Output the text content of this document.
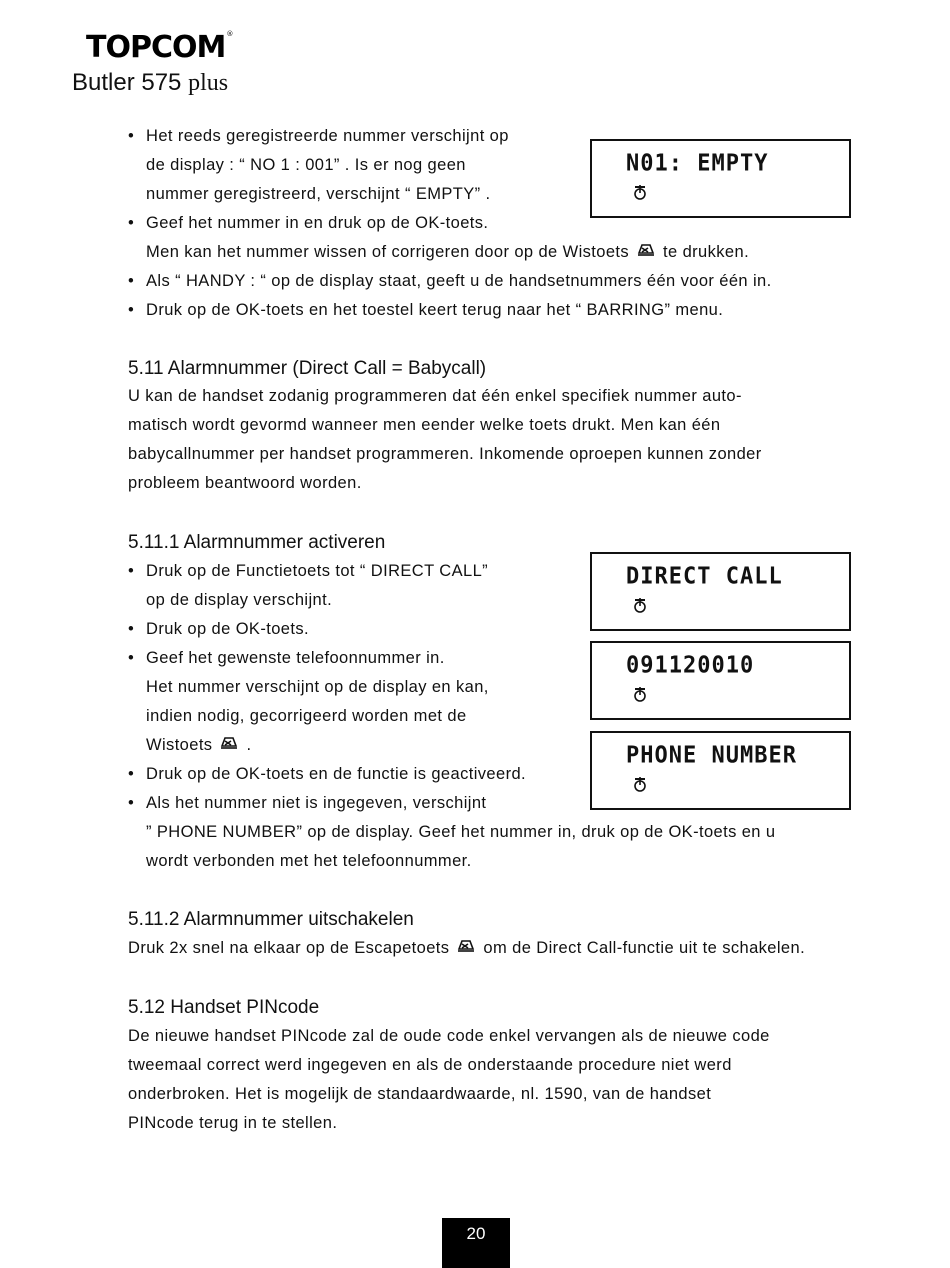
TOPCOM®
Butler 575 plus
• Het reeds geregistreerde nummer verschijnt op
de display : “ NO 1 : 001” . Is er nog geen
nummer geregistreerd, verschijnt “ EMPTY” .
• Geef het nummer in en druk op de OK-toets.
Men kan het nummer wissen of corrigeren door op de Wistoets te drukken.
• Als “ HANDY : “ op de display staat, geeft u de handsetnummers één voor één in.
• Druk op de OK-toets en het toestel keert terug naar het “ BARRING” menu.
N01: EMPTY
5.11 Alarmnummer (Direct Call = Babycall)
U kan de handset zodanig programmeren dat één enkel specifiek nummer auto-
matisch wordt gevormd wanneer men eender welke toets drukt. Men kan één
babycallnummer per handset programmeren. Inkomende oproepen kunnen zonder
probleem beantwoord worden.
5.11.1 Alarmnummer activeren
• Druk op de Functietoets tot “ DIRECT CALL”
op de display verschijnt.
• Druk op de OK-toets.
• Geef het gewenste telefoonnummer in.
Het nummer verschijnt op de display en kan,
indien nodig, gecorrigeerd worden met de
Wistoets .
• Druk op de OK-toets en de functie is geactiveerd.
• Als het nummer niet is ingegeven, verschijnt
” PHONE NUMBER” op de display. Geef het nummer in, druk op de OK-toets en u
wordt verbonden met het telefoonnummer.
DIRECT CALL
091120010
PHONE NUMBER
5.11.2 Alarmnummer uitschakelen
Druk 2x snel na elkaar op de Escapetoets om de Direct Call-functie uit te schakelen.
5.12 Handset PINcode
De nieuwe handset PINcode zal de oude code enkel vervangen als de nieuwe code
tweemaal correct werd ingegeven en als de onderstaande procedure niet werd
onderbroken. Het is mogelijk de standaardwaarde, nl. 1590, van de handset
PINcode terug in te stellen.
20
